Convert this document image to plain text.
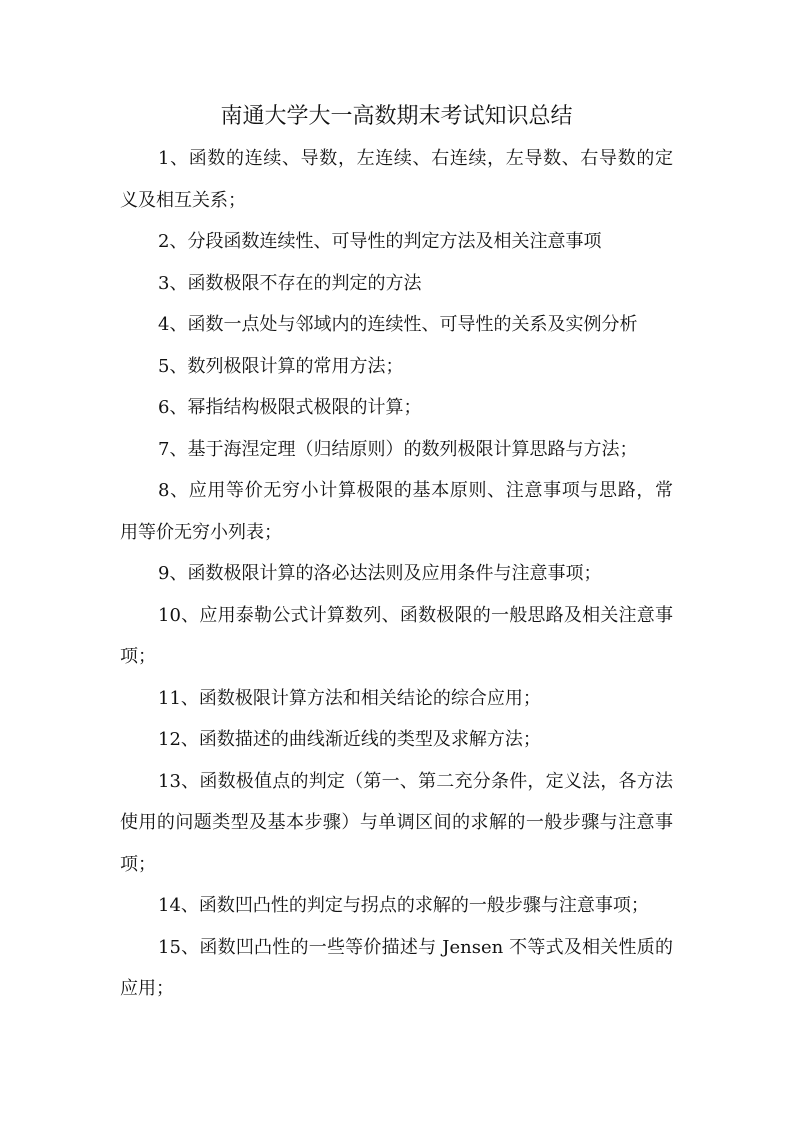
南通大学大一高数期末考试知识总结
1、函数的连续、导数，左连续、右连续，左导数、右导数的定
义及相互关系；
2、分段函数连续性、可导性的判定方法及相关注意事项
3、函数极限不存在的判定的方法
4、函数一点处与邻域内的连续性、可导性的关系及实例分析
5、数列极限计算的常用方法；
6、幂指结构极限式极限的计算；
7、基于海涅定理（归结原则）的数列极限计算思路与方法；
8、应用等价无穷小计算极限的基本原则、注意事项与思路，常
用等价无穷小列表；
9、函数极限计算的洛必达法则及应用条件与注意事项；
10、应用泰勒公式计算数列、函数极限的一般思路及相关注意事
项；
11、函数极限计算方法和相关结论的综合应用；
12、函数描述的曲线渐近线的类型及求解方法；
13、函数极值点的判定（第一、第二充分条件，定义法，各方法
使用的问题类型及基本步骤）与单调区间的求解的一般步骤与注意事
项；
14、函数凹凸性的判定与拐点的求解的一般步骤与注意事项；
15、函数凹凸性的一些等价描述与 Jensen 不等式及相关性质的
应用；
